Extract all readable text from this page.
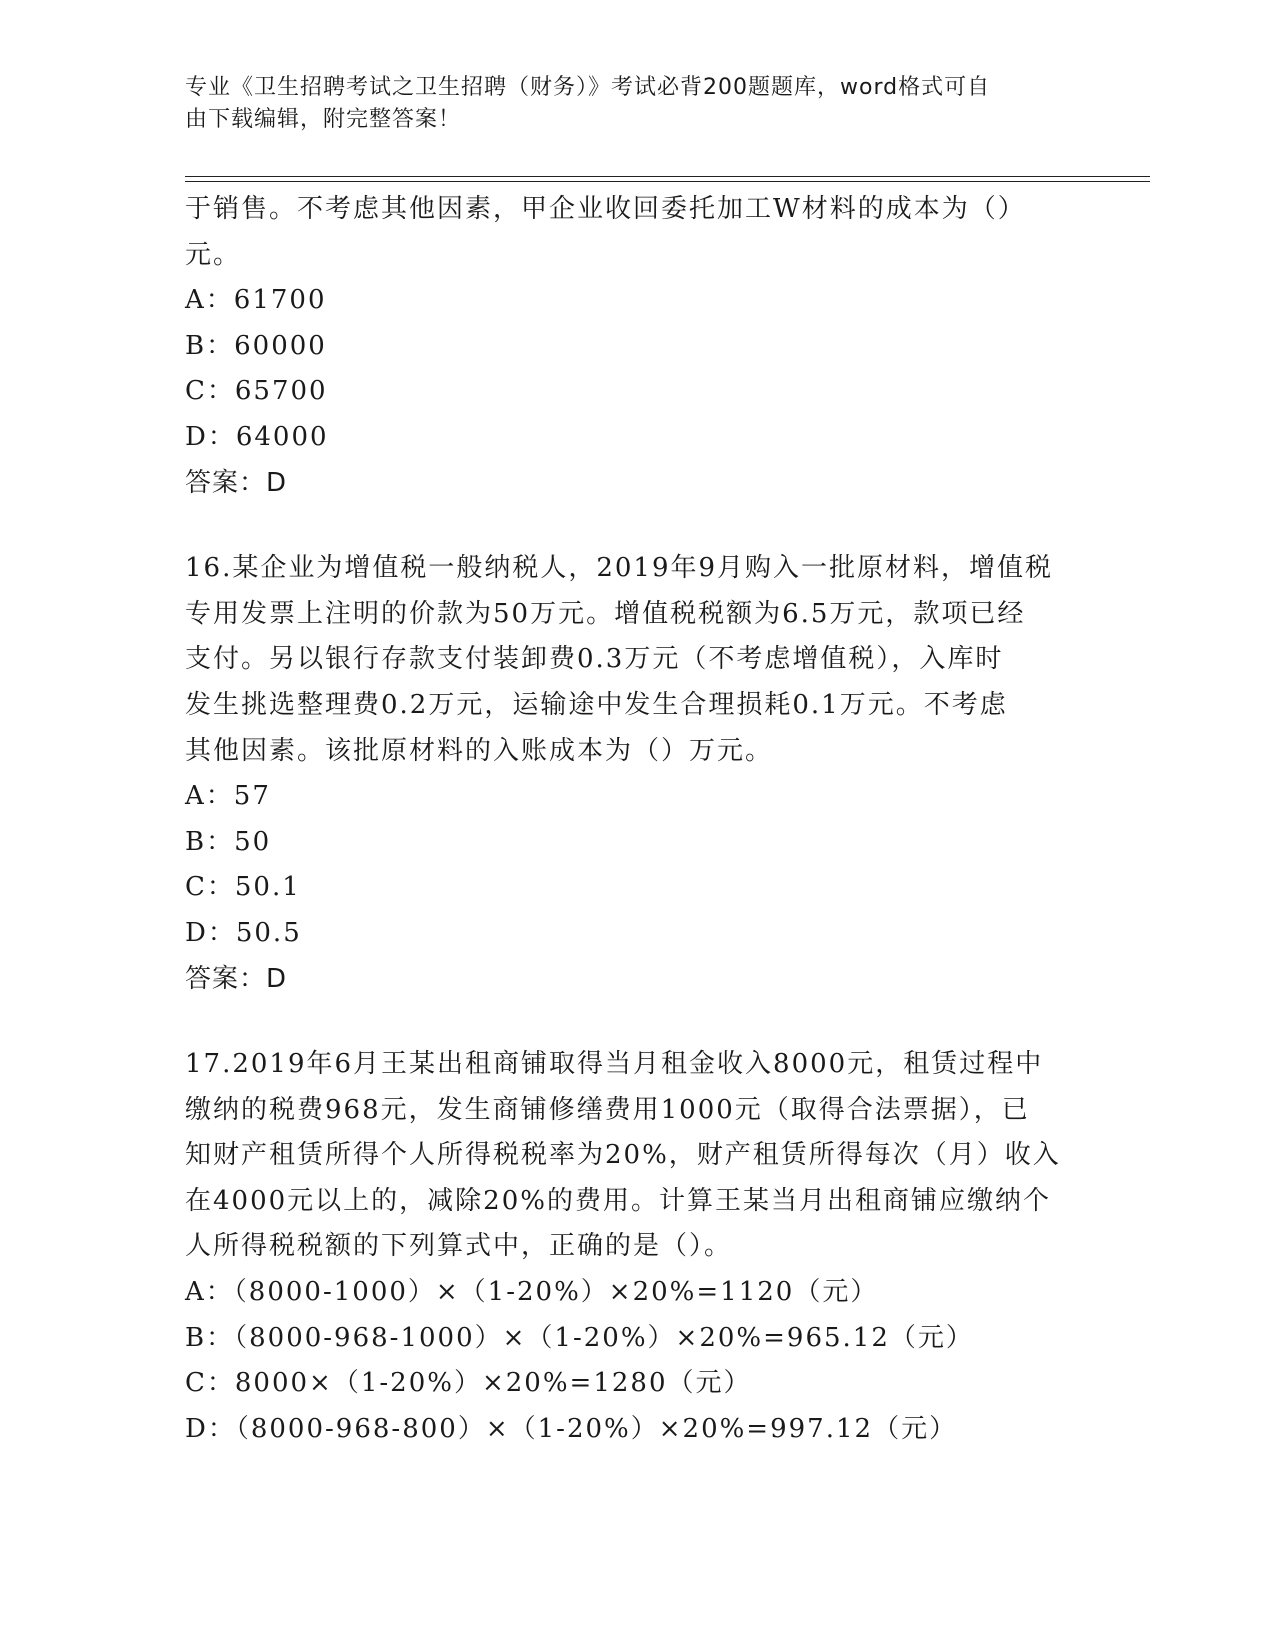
专业《卫生招聘考试之卫生招聘（财务）》考试必背200题题库，word格式可自
由下载编辑，附完整答案！
于销售。不考虑其他因素，甲企业收回委托加工W材料的成本为（）
元。
A：61700
B：60000
C：65700
D：64000
答案：D
16.某企业为增值税一般纳税人，2019年9月购入一批原材料，增值税
专用发票上注明的价款为50万元。增值税税额为6.5万元，款项已经
支付。另以银行存款支付装卸费0.3万元（不考虑增值税），入库时
发生挑选整理费0.2万元，运输途中发生合理损耗0.1万元。不考虑
其他因素。该批原材料的入账成本为（）万元。
A：57
B：50
C：50.1
D：50.5
答案：D
17.2019年6月王某出租商铺取得当月租金收入8000元，租赁过程中
缴纳的税费968元，发生商铺修缮费用1000元（取得合法票据），已
知财产租赁所得个人所得税税率为20%，财产租赁所得每次（月）收入
在4000元以上的，减除20%的费用。计算王某当月出租商铺应缴纳个
人所得税税额的下列算式中，正确的是（）。
A：（8000-1000）×（1-20%）×20%=1120（元）
B：（8000-968-1000）×（1-20%）×20%=965.12（元）
C：8000×（1-20%）×20%=1280（元）
D：（8000-968-800）×（1-20%）×20%=997.12（元）
